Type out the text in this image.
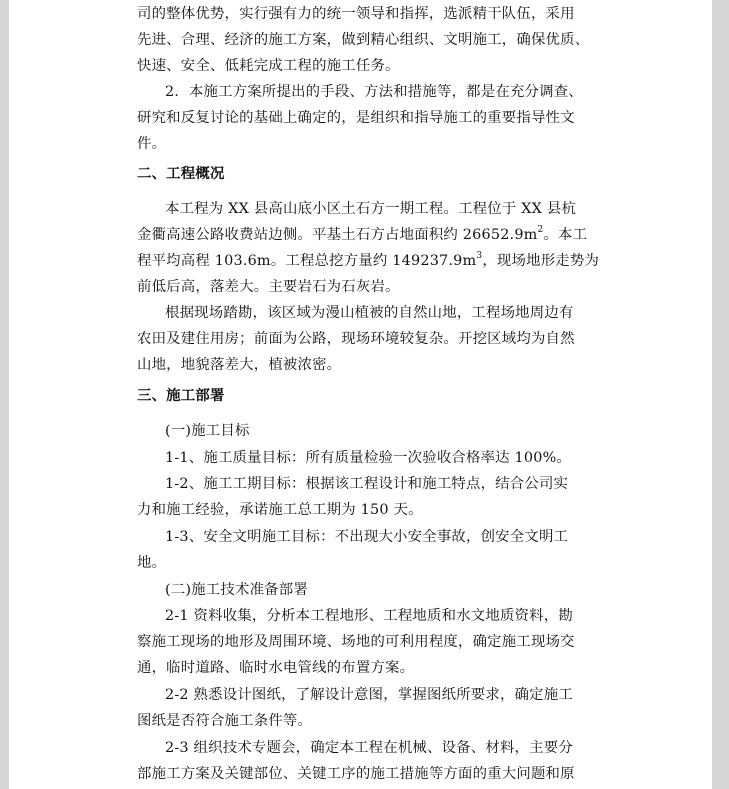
司的整体优势，实行强有力的统一领导和指挥，选派精干队伍，采用
先进、合理、经济的施工方案，做到精心组织、文明施工，确保优质、
快速、安全、低耗完成工程的施工任务。
2．本施工方案所提出的手段、方法和措施等，都是在充分调查、
研究和反复讨论的基础上确定的，是组织和指导施工的重要指导性文
件。
二、工程概况
本工程为 XX 县高山底小区土石方一期工程。工程位于 XX 县杭
金衢高速公路收费站边侧。平基土石方占地面积约 $26652.9m^2$。本工
程平均高程 103.6m。工程总挖方量约 $149237.9m^3$，现场地形走势为
前低后高，落差大。主要岩石为石灰岩。
根据现场踏勘，该区域为漫山植被的自然山地，工程场地周边有
农田及建住用房；前面为公路，现场环境较复杂。开挖区域均为自然
山地，地貌落差大，植被浓密。
三、施工部署
(一)施工目标
1-1、施工质量目标：所有质量检验一次验收合格率达 100%。
1-2、施工工期目标：根据该工程设计和施工特点，结合公司实
力和施工经验，承诺施工总工期为 150 天。
1-3、安全文明施工目标：不出现大小安全事故，创安全文明工
地。
(二)施工技术准备部署
2-1 资料收集，分析本工程地形、工程地质和水文地质资料，勘
察施工现场的地形及周围环境、场地的可利用程度，确定施工现场交
通，临时道路、临时水电管线的布置方案。
2-2 熟悉设计图纸，了解设计意图，掌握图纸所要求，确定施工
图纸是否符合施工条件等。
2-3 组织技术专题会，确定本工程在机械、设备、材料，主要分
部施工方案及关键部位、关键工序的施工措施等方面的重大问题和原
